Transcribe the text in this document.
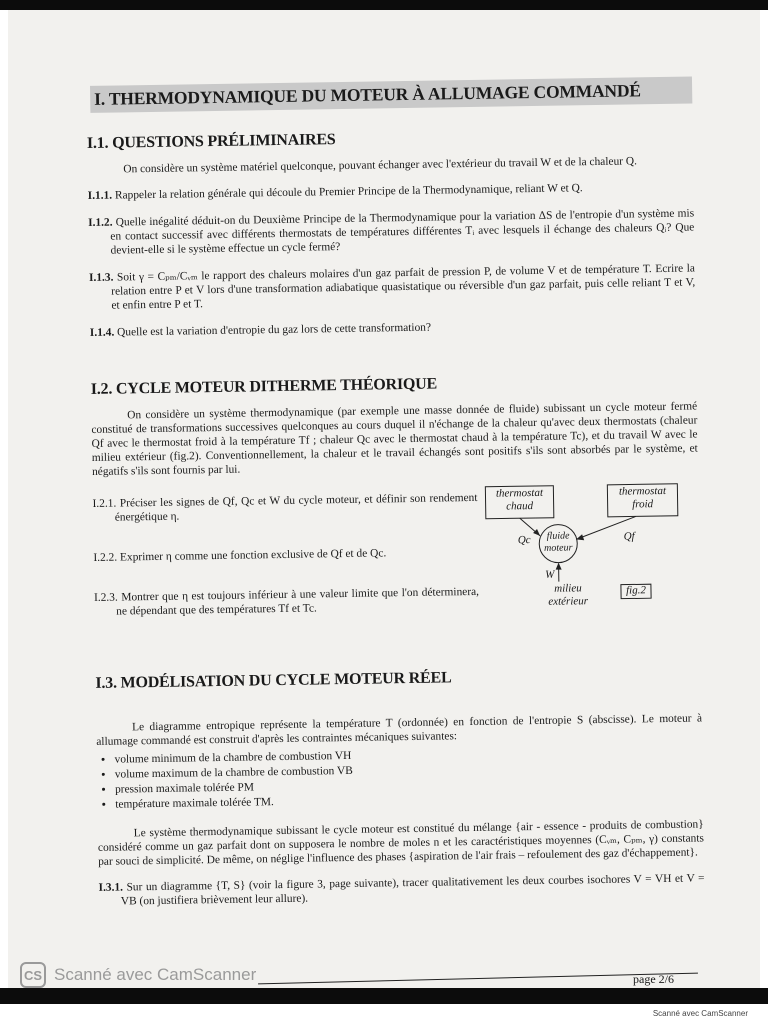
I. THERMODYNAMIQUE DU MOTEUR À ALLUMAGE COMMANDÉ
I.1. QUESTIONS PRÉLIMINAIRES

On considère un système matériel quelconque, pouvant échanger avec l'extérieur du travail W et de la chaleur Q.

I.1.1. Rappeler la relation générale qui découle du Premier Principe de la Thermodynamique, reliant W et Q.

I.1.2. Quelle inégalité déduit-on du Deuxième Principe de la Thermodynamique pour la variation ΔS de l'entropie d'un système mis en contact successif avec différents thermostats de températures différentes Tᵢ avec lesquels il échange des chaleurs Qᵢ? Que devient-elle si le système effectue un cycle fermé?

I.1.3. Soit γ = Cₚₘ/Cᵥₘ le rapport des chaleurs molaires d'un gaz parfait de pression P, de volume V et de température T. Ecrire la relation entre P et V lors d'une transformation adiabatique quasistatique ou réversible d'un gaz parfait, puis celle reliant T et V, et enfin entre P et T.

I.1.4. Quelle est la variation d'entropie du gaz lors de cette transformation?

I.2. CYCLE MOTEUR DITHERME THÉORIQUE

On considère un système thermodynamique (par exemple une masse donnée de fluide) subissant un cycle moteur fermé constitué de transformations successives quelconques au cours duquel il n'échange de la chaleur qu'avec deux thermostats (chaleur Qf avec le thermostat froid à la température Tf ; chaleur Qc avec le thermostat chaud à la température Tc), et du travail W avec le milieu extérieur (fig.2). Conventionnellement, la chaleur et le travail échangés sont positifs s'ils sont absorbés par le système, et négatifs s'ils sont fournis par lui.

I.2.1. Préciser les signes de Qf, Qc et W du cycle moteur, et définir son rendement énergétique η.

I.2.2. Exprimer η comme une fonction exclusive de Qf et de Qc.

I.2.3. Montrer que η est toujours inférieur à une valeur limite que l'on déterminera, ne dépendant que des températures Tf et Tc.

thermostat chaud
thermostat froid
fluide moteur
Qc	Qf
W
milieu extérieur
fig.2
I.3. MODÉLISATION DU CYCLE MOTEUR RÉEL

Le diagramme entropique représente la température T (ordonnée) en fonction de l'entropie S (abscisse). Le moteur à allumage commandé est construit d'après les contraintes mécaniques suivantes:

• volume minimum de la chambre de combustion VH
• volume maximum de la chambre de combustion VB
• pression maximale tolérée PM
• température maximale tolérée TM.

Le système thermodynamique subissant le cycle moteur est constitué du mélange {air - essence - produits de combustion} considéré comme un gaz parfait dont on supposera le nombre de moles n et les caractéristiques moyennes (Cᵥₘ, Cₚₘ, γ) constants par souci de simplicité. De même, on néglige l'influence des phases {aspiration de l'air frais – refoulement des gaz d'échappement}.

I.3.1. Sur un diagramme {T, S} (voir la figure 3, page suivante), tracer qualitativement les deux courbes isochores V = VH et V = VB (on justifiera brièvement leur allure).

page 2/6
CS Scanné avec CamScanner
Scanné avec CamScanner
